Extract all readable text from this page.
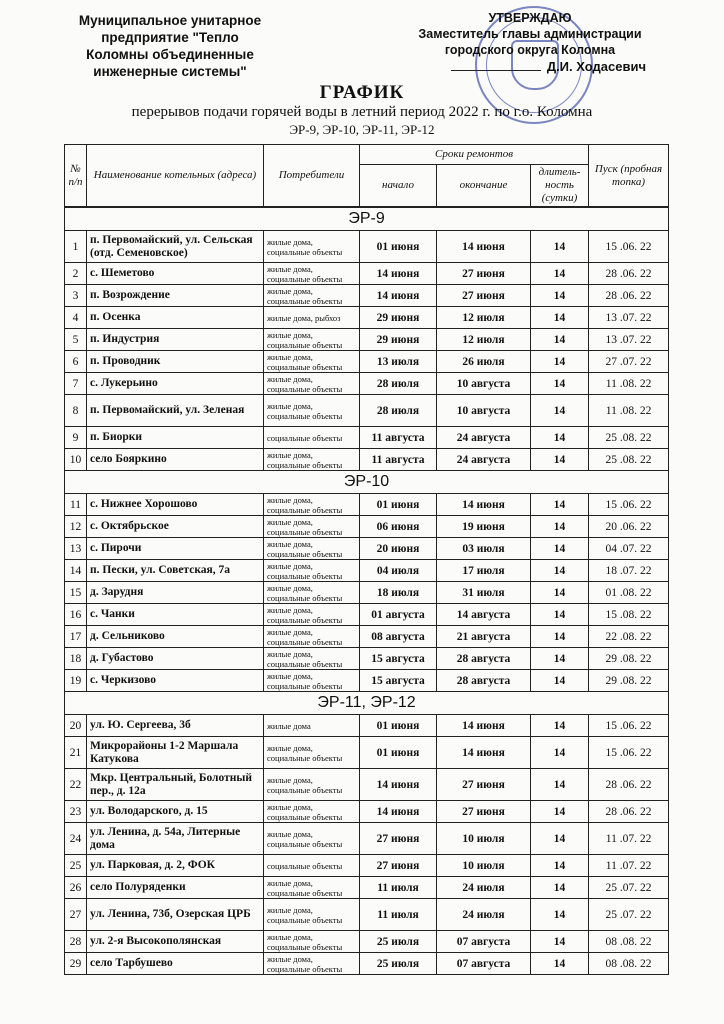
Муниципальное унитарное
предприятие "Тепло
Коломны объединенные
инженерные системы"
УТВЕРЖДАЮ
Заместитель главы администрации
городского округа Коломна
Д.И. Ходасевич
ГРАФИК
перерывов подачи горячей воды в летний период 2022 г. по г.о. Коломна
ЭР-9, ЭР-10, ЭР-11, ЭР-12
№ п/п	Наименование котельных (адреса)	Потребители	Сроки ремонтов			Пуск (пробная топка)
			начало	окончание	длитель-ность (сутки)	
ЭР-9						
1	п. Первомайский, ул. Сельская (отд. Семеновское)	жилые дома, социальные объекты	01 июня	14 июня	14	15 .06. 22
2	с. Шеметово	жилые дома, социальные объекты	14 июня	27 июня	14	28 .06. 22
3	п. Возрождение	жилые дома, социальные объекты	14 июня	27 июня	14	28 .06. 22
4	п. Осенка	жилые дома, рыбхоз	29 июня	12 июля	14	13 .07. 22
5	п. Индустрия	жилые дома, социальные объекты	29 июня	12 июля	14	13 .07. 22
6	п. Проводник	жилые дома, социальные объекты	13 июля	26 июля	14	27 .07. 22
7	с. Лукерьино	жилые дома, социальные объекты	28 июля	10 августа	14	11 .08. 22
8	п. Первомайский, ул. Зеленая	жилые дома, социальные объекты	28 июля	10 августа	14	11 .08. 22
9	п. Биорки	социальные объекты	11 августа	24 августа	14	25 .08. 22
10	село Бояркино	жилые дома, социальные объекты	11 августа	24 августа	14	25 .08. 22
ЭР-10						
11	с. Нижнее Хорошово	жилые дома, социальные объекты	01 июня	14 июня	14	15 .06. 22
12	с. Октябрьское	жилые дома, социальные объекты	06 июня	19 июня	14	20 .06. 22
13	с. Пирочи	жилые дома, социальные объекты	20 июня	03 июля	14	04 .07. 22
14	п. Пески, ул. Советская, 7а	жилые дома, социальные объекты	04 июля	17 июля	14	18 .07. 22
15	д. Зарудня	жилые дома, социальные объекты	18 июля	31 июля	14	01 .08. 22
16	с. Чанки	жилые дома, социальные объекты	01 августа	14 августа	14	15 .08. 22
17	д. Сельниково	жилые дома, социальные объекты	08 августа	21 августа	14	22 .08. 22
18	д. Губастово	жилые дома, социальные объекты	15 августа	28 августа	14	29 .08. 22
19	с. Черкизово	жилые дома, социальные объекты	15 августа	28 августа	14	29 .08. 22
ЭР-11, ЭР-12						
20	ул. Ю. Сергеева, 3б	жилые дома	01 июня	14 июня	14	15 .06. 22
21	Микрорайоны 1-2 Маршала Катукова	жилые дома, социальные объекты	01 июня	14 июня	14	15 .06. 22
22	Мкр. Центральный, Болотный пер., д. 12а	жилые дома, социальные объекты	14 июня	27 июня	14	28 .06. 22
23	ул. Володарского, д. 15	жилые дома, социальные объекты	14 июня	27 июня	14	28 .06. 22
24	ул. Ленина, д. 54а, Литерные дома	жилые дома, социальные объекты	27 июня	10 июля	14	11 .07. 22
25	ул. Парковая, д. 2, ФОК	социальные объекты	27 июня	10 июля	14	11 .07. 22
26	село Полуряденки	жилые дома, социальные объекты	11 июля	24 июля	14	25 .07. 22
27	ул. Ленина, 73б, Озерская ЦРБ	жилые дома, социальные объекты	11 июля	24 июля	14	25 .07. 22
28	ул. 2-я Высокополянская	жилые дома, социальные объекты	25 июля	07 августа	14	08 .08. 22
29	село Тарбушево	жилые дома, социальные объекты	25 июля	07 августа	14	08 .08. 22
